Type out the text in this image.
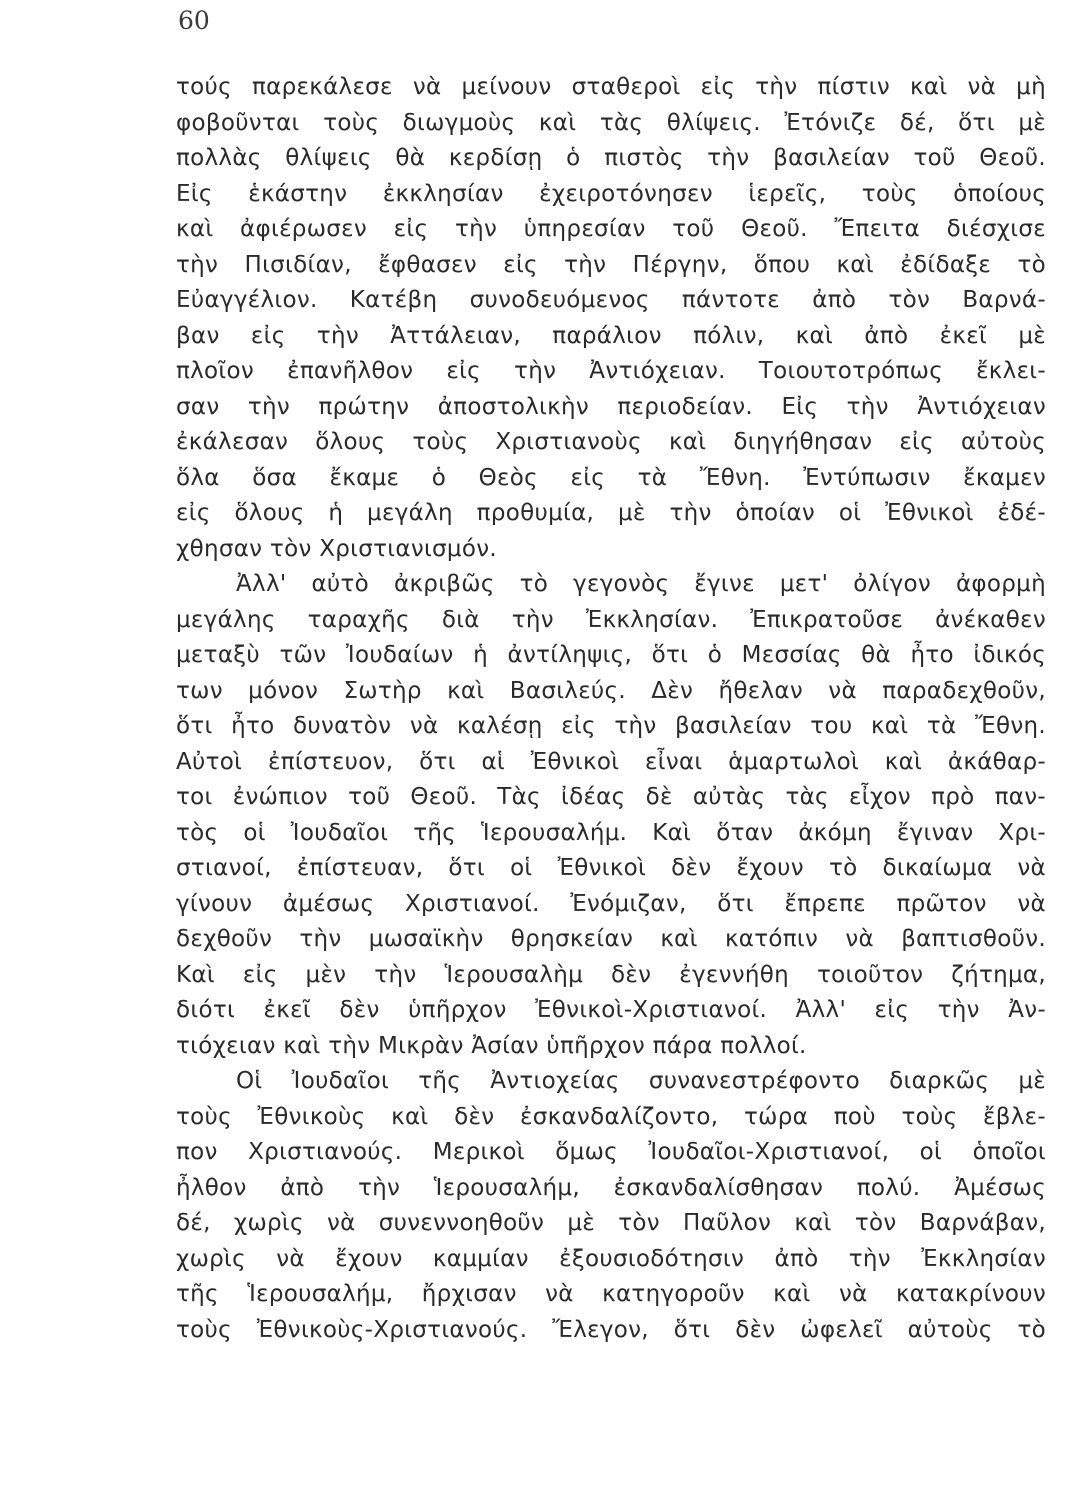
60
τούς παρεκάλεσε νὰ μείνουν σταθεροὶ εἰς τὴν πίστιν καὶ νὰ μὴ
φοβοῦνται τοὺς διωγμοὺς καὶ τὰς θλίψεις. Ἐτόνιζε δέ, ὅτι μὲ
πολλὰς θλίψεις θὰ κερδίσῃ ὁ πιστὸς τὴν βασιλείαν τοῦ Θεοῦ.
Εἰς ἑκάστην ἐκκλησίαν ἐχειροτόνησεν ἱερεῖς, τοὺς ὁποίους
καὶ ἀφιέρωσεν εἰς τὴν ὑπηρεσίαν τοῦ Θεοῦ. Ἔπειτα διέσχισε
τὴν Πισιδίαν, ἔφθασεν εἰς τὴν Πέργην, ὅπου καὶ ἐδίδαξε τὸ
Εὐαγγέλιον. Κατέβη συνοδευόμενος πάντοτε ἀπὸ τὸν Βαρνά-
βαν εἰς τὴν Ἀττάλειαν, παράλιον πόλιν, καὶ ἀπὸ ἐκεῖ μὲ
πλοῖον ἐπανῆλθον εἰς τὴν Ἀντιόχειαν. Τοιουτοτρόπως ἔκλει-
σαν τὴν πρώτην ἀποστολικὴν περιοδείαν. Εἰς τὴν Ἀντιόχειαν
ἐκάλεσαν ὅλους τοὺς Χριστιανοὺς καὶ διηγήθησαν εἰς αὐτοὺς
ὅλα ὅσα ἔκαμε ὁ Θεὸς εἰς τὰ Ἔθνη. Ἐντύπωσιν ἔκαμεν
εἰς ὅλους ἡ μεγάλη προθυμία, μὲ τὴν ὁποίαν οἱ Ἐθνικοὶ ἐδέ-
χθησαν τὸν Χριστιανισμόν.
Ἀλλ' αὐτὸ ἀκριβῶς τὸ γεγονὸς ἔγινε μετ' ὀλίγον ἀφορμὴ
μεγάλης ταραχῆς διὰ τὴν Ἐκκλησίαν. Ἐπικρατοῦσε ἀνέκαθεν
μεταξὺ τῶν Ἰουδαίων ἡ ἀντίληψις, ὅτι ὁ Μεσσίας θὰ ἦτο ἰδικός
των μόνον Σωτὴρ καὶ Βασιλεύς. Δὲν ἤθελαν νὰ παραδεχθοῦν,
ὅτι ἦτο δυνατὸν νὰ καλέσῃ εἰς τὴν βασιλείαν του καὶ τὰ Ἔθνη.
Αὐτοὶ ἐπίστευον, ὅτι αἱ Ἐθνικοὶ εἶναι ἁμαρτωλοὶ καὶ ἀκάθαρ-
τοι ἐνώπιον τοῦ Θεοῦ. Τὰς ἰδέας δὲ αὐτὰς τὰς εἶχον πρὸ παν-
τὸς οἱ Ἰουδαῖοι τῆς Ἱερουσαλήμ. Καὶ ὅταν ἀκόμη ἔγιναν Χρι-
στιανοί, ἐπίστευαν, ὅτι οἱ Ἐθνικοὶ δὲν ἔχουν τὸ δικαίωμα νὰ
γίνουν ἀμέσως Χριστιανοί. Ἐνόμιζαν, ὅτι ἔπρεπε πρῶτον νὰ
δεχθοῦν τὴν μωσαϊκὴν θρησκείαν καὶ κατόπιν νὰ βαπτισθοῦν.
Καὶ εἰς μὲν τὴν Ἱερουσαλὴμ δὲν ἐγεννήθη τοιοῦτον ζήτημα,
διότι ἐκεῖ δὲν ὑπῆρχον Ἐθνικοὶ-Χριστιανοί. Ἀλλ' εἰς τὴν Ἀν-
τιόχειαν καὶ τὴν Μικρὰν Ἀσίαν ὑπῆρχον πάρα πολλοί.
Οἱ Ἰουδαῖοι τῆς Ἀντιοχείας συνανεστρέφοντο διαρκῶς μὲ
τοὺς Ἐθνικοὺς καὶ δὲν ἐσκανδαλίζοντο, τώρα ποὺ τοὺς ἔβλε-
πον Χριστιανούς. Μερικοὶ ὅμως Ἰουδαῖοι-Χριστιανοί, οἱ ὁποῖοι
ἦλθον ἀπὸ τὴν Ἱερουσαλήμ, ἐσκανδαλίσθησαν πολύ. Ἀμέσως
δέ, χωρὶς νὰ συνεννοηθοῦν μὲ τὸν Παῦλον καὶ τὸν Βαρνάβαν,
χωρὶς νὰ ἔχουν καμμίαν ἐξουσιοδότησιν ἀπὸ τὴν Ἐκκλησίαν
τῆς Ἱερουσαλήμ, ἤρχισαν νὰ κατηγοροῦν καὶ νὰ κατακρίνουν
τοὺς Ἐθνικοὺς-Χριστιανούς. Ἔλεγον, ὅτι δὲν ὠφελεῖ αὐτοὺς τὸ
